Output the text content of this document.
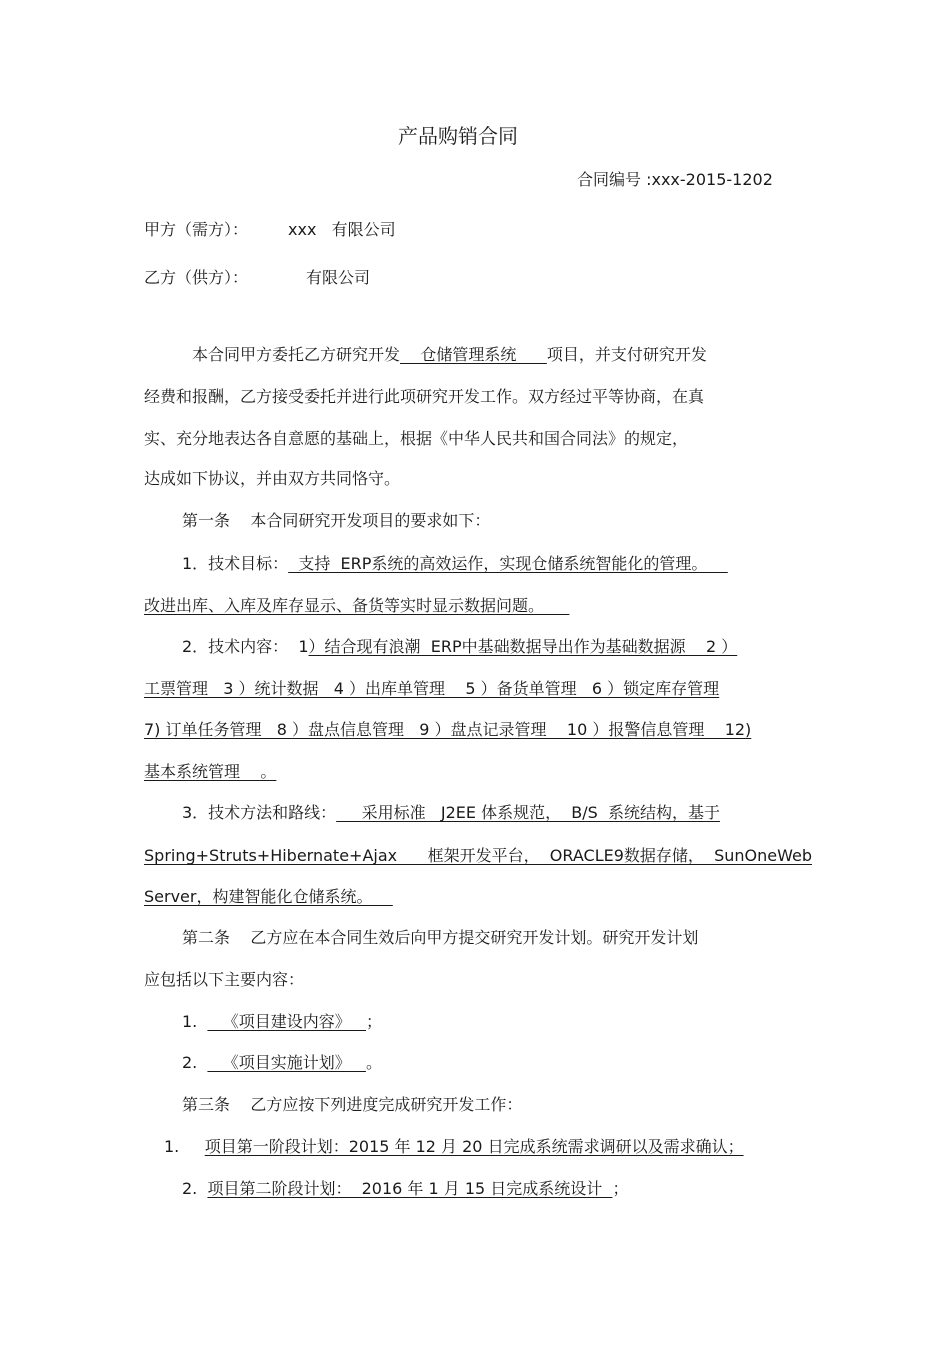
产品购销合同
合同编号 :xxx-2015-1202
甲方（需方）： xxx   有限公司
乙方（供方）：	有限公司
本合同甲方委托乙方研究开发    仓储管理系统      项目，并支付研究开发
经费和报酬，乙方接受委托并进行此项研究开发工作。双方经过平等协商，在真
实、充分地表达各自意愿的基础上，根据《中华人民共和国合同法》的规定，
达成如下协议，并由双方共同恪守。
第一条    本合同研究开发项目的要求如下：
1．技术目标：  支持  ERP系统的高效运作，实现仓储系统智能化的管理。
改进出库、入库及库存显示、备货等实时显示数据问题。
2．技术内容：  1）结合现有浪潮  ERP中基础数据导出作为基础数据源    2 ）
工票管理   3 ）统计数据   4 ）出库单管理    5 ）备货单管理   6 ）锁定库存管理
7) 订单任务管理   8 ）盘点信息管理   9 ）盘点记录管理    10 ）报警信息管理    12)
基本系统管理    。
3．技术方法和路线：     采用标准   J2EE 体系规范，  B/S  系统结构，基于
Spring+Struts+Hibernate+Ajax      框架开发平台，  ORACLE9数据存储，  SunOneWeb
Server，构建智能化仓储系统。
第二条    乙方应在本合同生效后向甲方提交研究开发计划。研究开发计划
应包括以下主要内容：
1.     《项目建设内容》   ；
2.     《项目实施计划》   。
第三条    乙方应按下列进度完成研究开发工作：
1. 项目第一阶段计划：2015 年 12 月 20 日完成系统需求调研以及需求确认；
2. 项目第二阶段计划：  2016 年 1 月 15 日完成系统设计  ；
